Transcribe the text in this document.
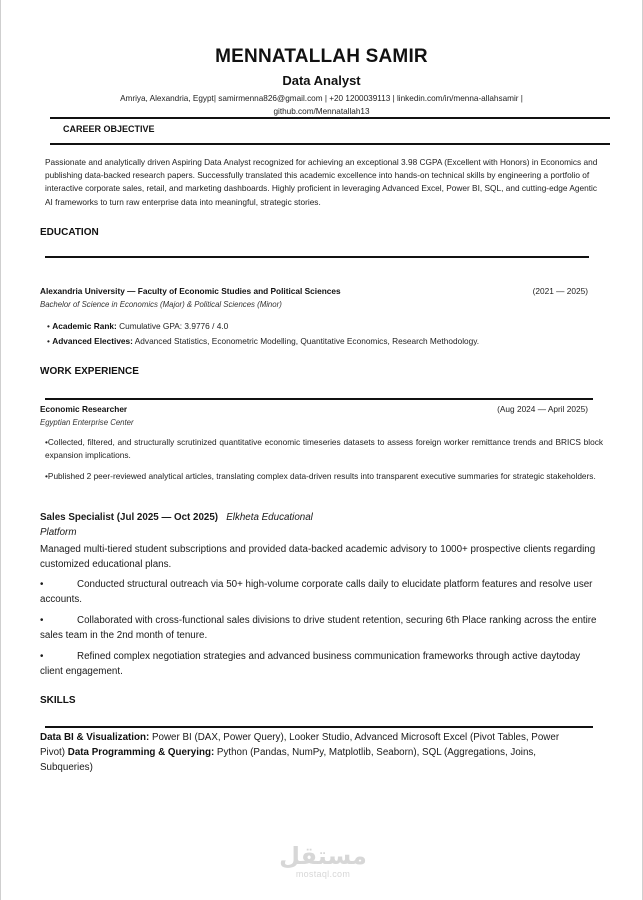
MENNATALLAH SAMIR
Data Analyst
Amriya, Alexandria, Egypt| samirmenna826@gmail.com | +20 1200039113 | linkedin.com/in/menna-allahsamir | github.com/Mennatallah13
CAREER OBJECTIVE
Passionate and analytically driven Aspiring Data Analyst recognized for achieving an exceptional 3.98 CGPA (Excellent with Honors) in Economics and publishing data-backed research papers. Successfully translated this academic excellence into hands-on technical skills by engineering a portfolio of interactive corporate sales, retail, and marketing dashboards. Highly proficient in leveraging Advanced Excel, Power BI, SQL, and cutting-edge Agentic AI frameworks to turn raw enterprise data into meaningful, strategic stories.
EDUCATION
Alexandria University — Faculty of Economic Studies and Political Sciences	(2021 — 2025)
Bachelor of Science in Economics (Major) & Political Sciences (Minor)
• Academic Rank: Cumulative GPA: 3.9776 / 4.0
• Advanced Electives: Advanced Statistics, Econometric Modelling, Quantitative Economics, Research Methodology.
WORK EXPERIENCE
Economic Researcher	(Aug 2024 — April 2025)
Egyptian Enterprise Center
•Collected, filtered, and structurally scrutinized quantitative economic timeseries datasets to assess foreign worker remittance trends and BRICS block expansion implications.
•Published 2 peer-reviewed analytical articles, translating complex data-driven results into transparent executive summaries for strategic stakeholders.
Sales Specialist (Jul 2025 — Oct 2025) Elkheta Educational
Platform
Managed multi-tiered student subscriptions and provided data-backed academic advisory to 1000+ prospective clients regarding customized educational plans.
•	Conducted structural outreach via 50+ high-volume corporate calls daily to elucidate platform features and resolve user accounts.
•	Collaborated with cross-functional sales divisions to drive student retention, securing 6th Place ranking across the entire sales team in the 2nd month of tenure.
•	Refined complex negotiation strategies and advanced business communication frameworks through active daytoday client engagement.
SKILLS
Data BI & Visualization: Power BI (DAX, Power Query), Looker Studio, Advanced Microsoft Excel (Pivot Tables, Power Pivot) Data Programming & Querying: Python (Pandas, NumPy, Matplotlib, Seaborn), SQL (Aggregations, Joins, Subqueries)
مستقل
mostaql.com
